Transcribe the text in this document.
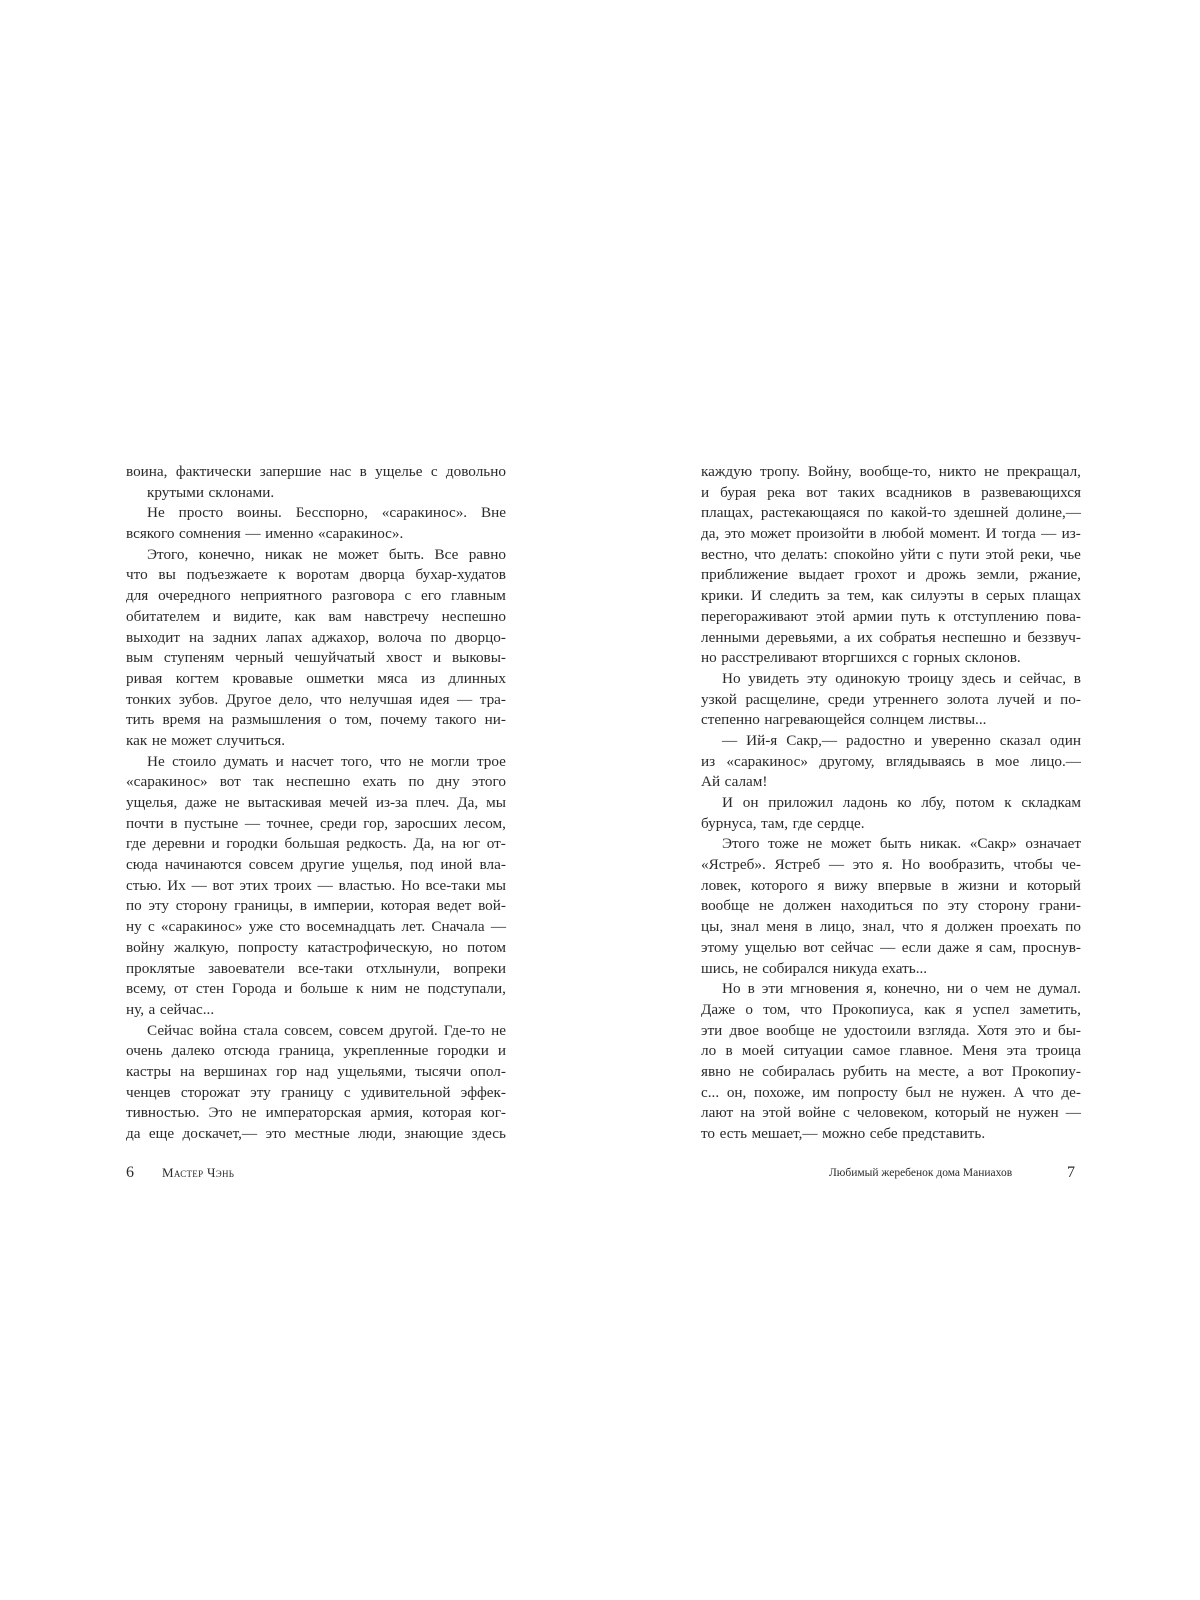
воина, фактически запершие нас в ущелье с довольно
крутыми склонами.
Не просто воины. Бесспорно, «саракинос». Вне
всякого сомнения — именно «саракинос».
Этого, конечно, никак не может быть. Все равно
что вы подъезжаете к воротам дворца бухар-худатов
для очередного неприятного разговора с его главным
обитателем и видите, как вам навстречу неспешно
выходит на задних лапах аджахор, волоча по дворцо-
вым ступеням черный чешуйчатый хвост и выковы-
ривая когтем кровавые ошметки мяса из длинных
тонких зубов. Другое дело, что нелучшая идея — тра-
тить время на размышления о том, почему такого ни-
как не может случиться.
Не стоило думать и насчет того, что не могли трое
«саракинос» вот так неспешно ехать по дну этого
ущелья, даже не вытаскивая мечей из-за плеч. Да, мы
почти в пустыне — точнее, среди гор, заросших лесом,
где деревни и городки большая редкость. Да, на юг от-
сюда начинаются совсем другие ущелья, под иной вла-
стью. Их — вот этих троих — властью. Но все-таки мы
по эту сторону границы, в империи, которая ведет вой-
ну с «саракинос» уже сто восемнадцать лет. Сначала —
войну жалкую, попросту катастрофическую, но потом
проклятые завоеватели все-таки отхлынули, вопреки
всему, от стен Города и больше к ним не подступали,
ну, а сейчас...
Сейчас война стала совсем, совсем другой. Где-то не
очень далеко отсюда граница, укрепленные городки и
кастры на вершинах гор над ущельями, тысячи опол-
ченцев сторожат эту границу с удивительной эффек-
тивностью. Это не императорская армия, которая ког-
да еще доскачет,— это местные люди, знающие здесь
каждую тропу. Войну, вообще-то, никто не прекращал,
и бурая река вот таких всадников в развевающихся
плащах, растекающаяся по какой-то здешней долине,—
да, это может произойти в любой момент. И тогда — из-
вестно, что делать: спокойно уйти с пути этой реки, чье
приближение выдает грохот и дрожь земли, ржание,
крики. И следить за тем, как силуэты в серых плащах
перегораживают этой армии путь к отступлению пова-
ленными деревьями, а их собратья неспешно и беззвуч-
но расстреливают вторгшихся с горных склонов.
Но увидеть эту одинокую троицу здесь и сейчас, в
узкой расщелине, среди утреннего золота лучей и по-
степенно нагревающейся солнцем листвы...
— Ий-я Сакр,— радостно и уверенно сказал один
из «саракинос» другому, вглядываясь в мое лицо.—
Ай салам!
И он приложил ладонь ко лбу, потом к складкам
бурнуса, там, где сердце.
Этого тоже не может быть никак. «Сакр» означает
«Ястреб». Ястреб — это я. Но вообразить, чтобы че-
ловек, которого я вижу впервые в жизни и который
вообще не должен находиться по эту сторону грани-
цы, знал меня в лицо, знал, что я должен проехать по
этому ущелью вот сейчас — если даже я сам, проснув-
шись, не собирался никуда ехать...
Но в эти мгновения я, конечно, ни о чем не думал.
Даже о том, что Прокопиуса, как я успел заметить,
эти двое вообще не удостоили взгляда. Хотя это и бы-
ло в моей ситуации самое главное. Меня эта троица
явно не собиралась рубить на месте, а вот Прокопиу-
с... он, похоже, им попросту был не нужен. А что де-
лают на этой войне с человеком, который не нужен —
то есть мешает,— можно себе представить.
6 Мастер Чэнь	Любимый жеребенок дома Маниахов	7
